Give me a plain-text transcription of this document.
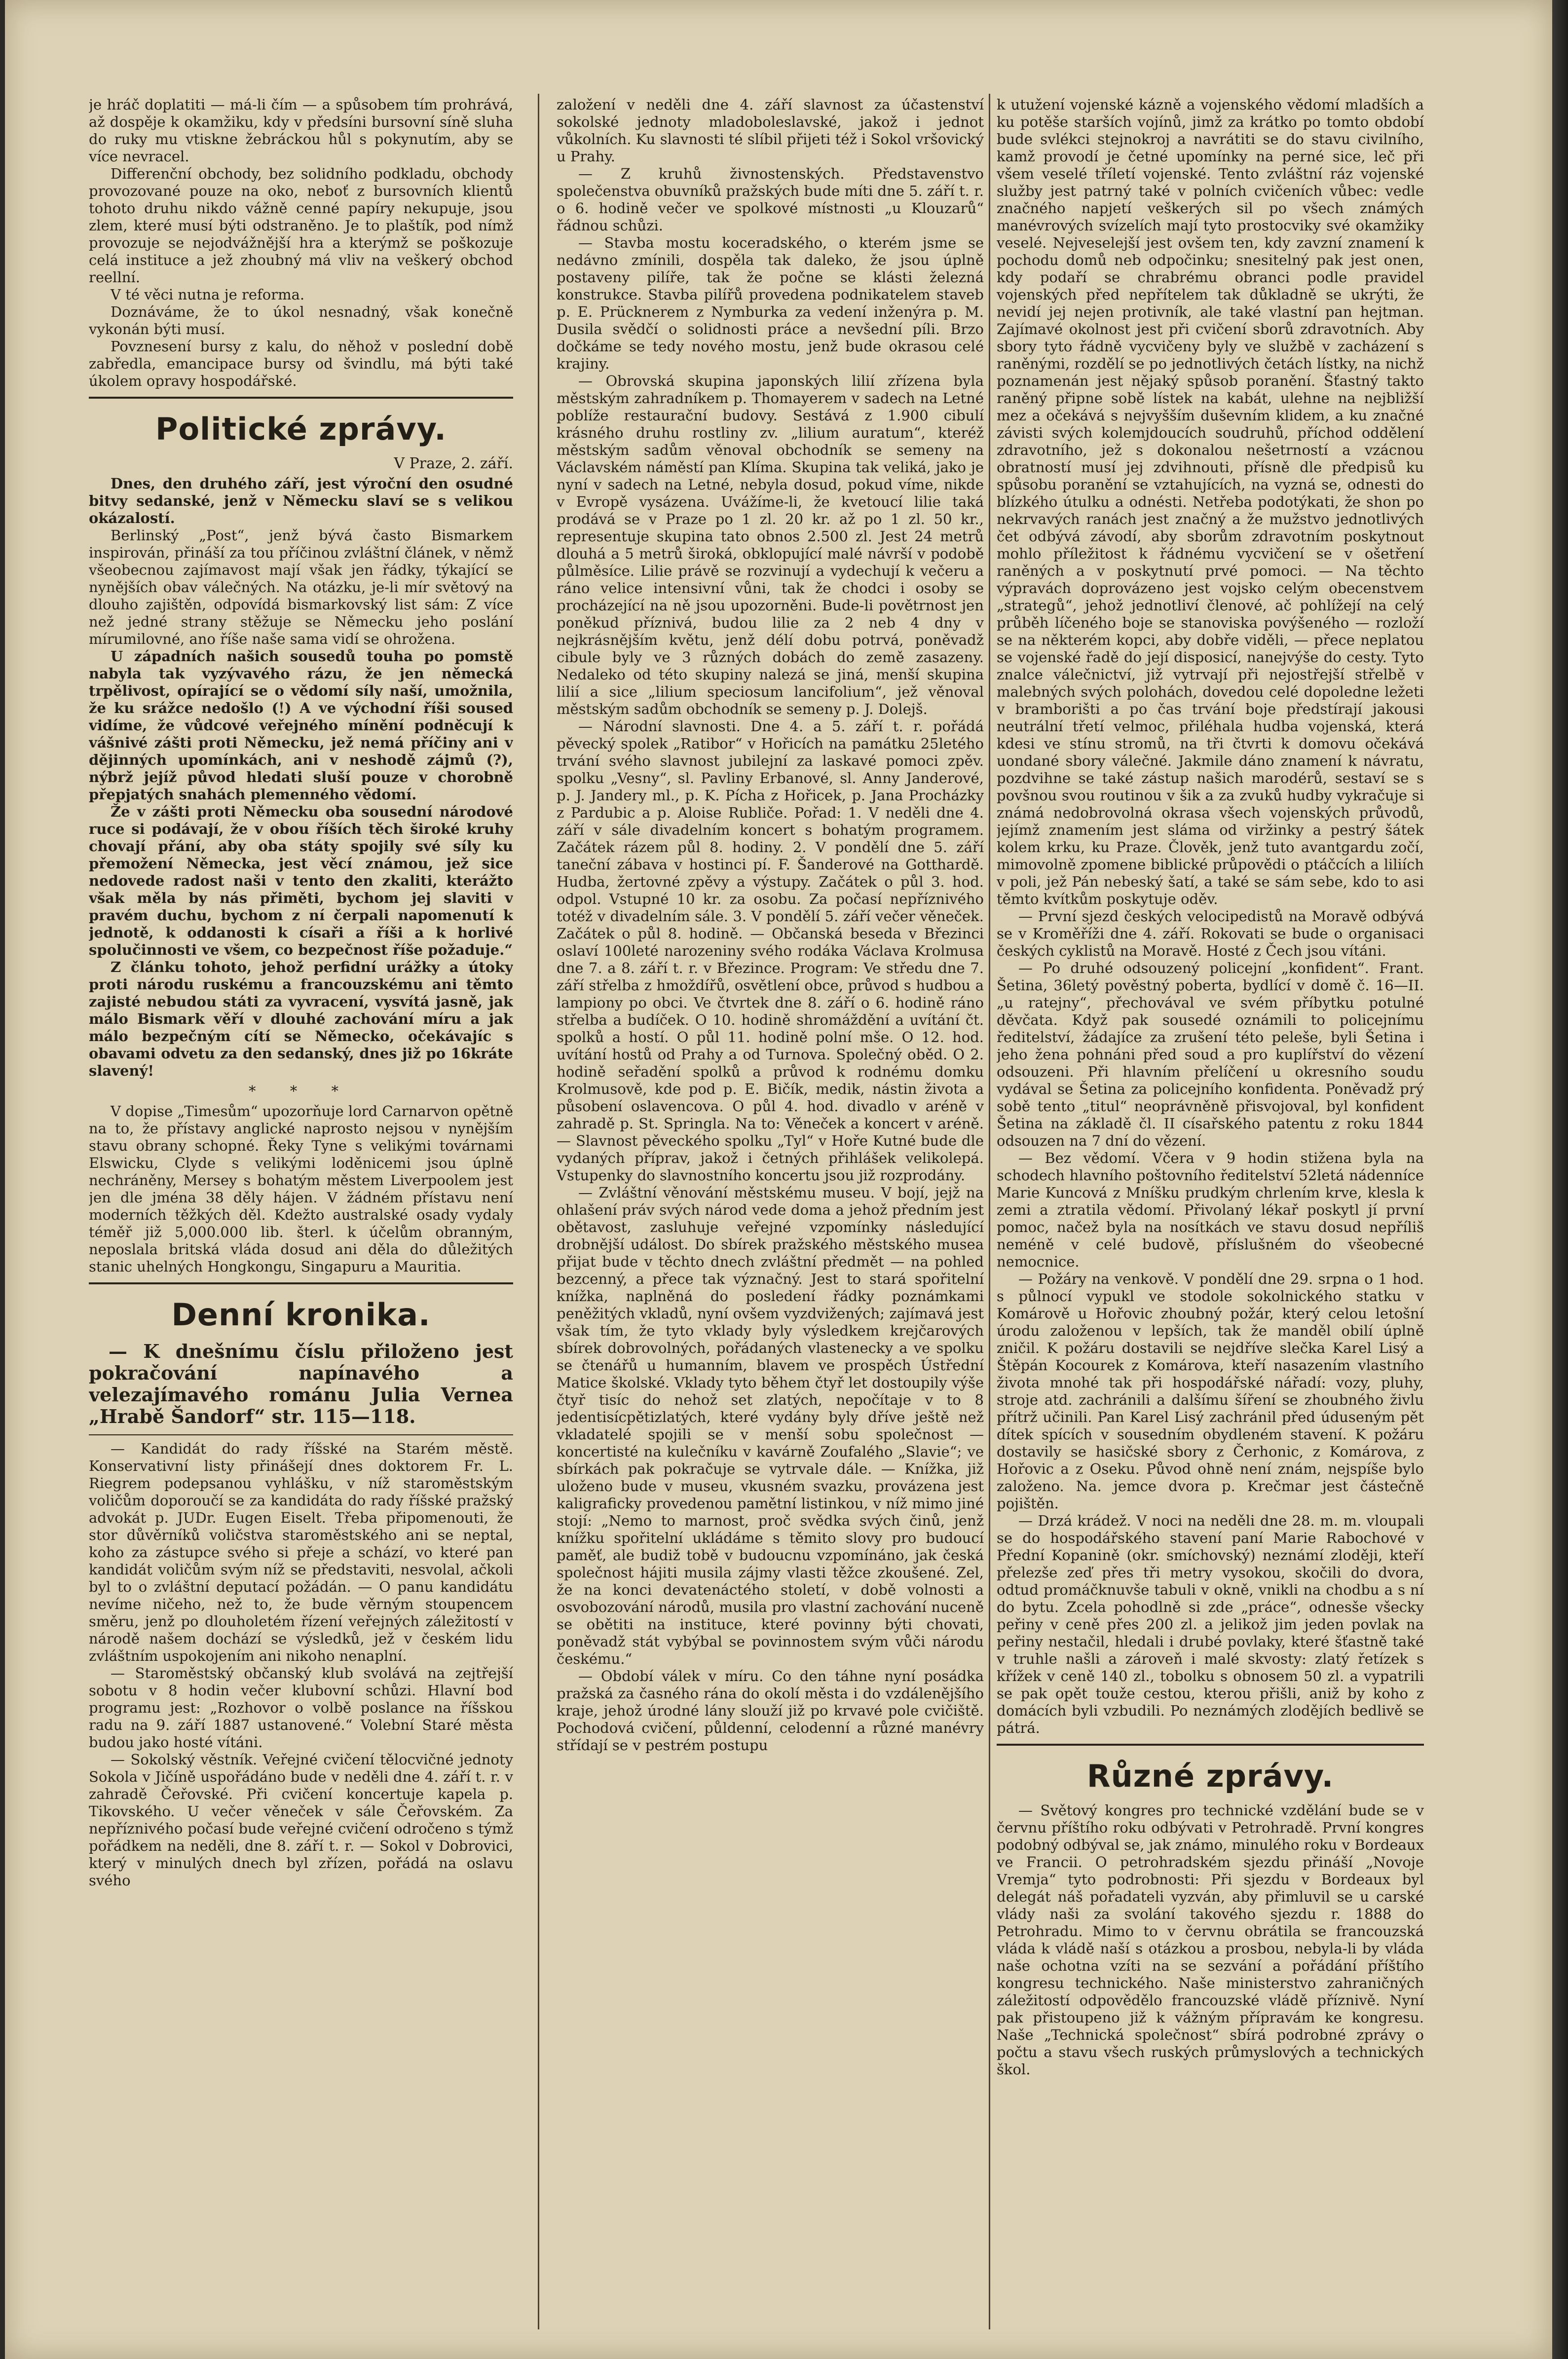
je hráč doplatiti — má-li čím — a spůsobem tím prohrává, až dospěje k okamžiku, kdy v předsíni bursovní síně sluha do ruky mu vtiskne žebráckou hůl s pokynutím, aby se více nevracel.

Differenční obchody, bez solidního podkladu, obchody provozované pouze na oko, neboť z bursovních klientů tohoto druhu nikdo vážně cenné papíry nekupuje, jsou zlem, které musí býti odstraněno. Je to plaštík, pod nímž provozuje se nejodvážnější hra a kterýmž se poškozuje celá instituce a jež zhoubný má vliv na veškerý obchod reellní.

V té věci nutna je reforma.

Doznáváme, že to úkol nesnadný, však konečně vykonán býti musí.

Povznesení bursy z kalu, do něhož v poslední době zabředla, emancipace bursy od švindlu, má býti také úkolem opravy hospodářské.

Politické zprávy.

V Praze, 2. září.

Dnes, den druhého září, jest výroční den osudné bitvy sedanské, jenž v Německu slaví se s velikou okázalostí.

Berlinský „Post“, jenž bývá často Bismarkem inspirován, přináší za tou příčinou zvláštní článek, v němž všeobecnou zajímavost mají však jen řádky, týkající se nynějších obav válečných. Na otázku, je-li mír světový na dlouho zajištěn, odpovídá bismarkovský list sám: Z více než jedné strany stěžuje se Německu jeho poslání mírumilovné, ano říše naše sama vidí se ohrožena.

U západních našich sousedů touha po pomstě nabyla tak vyzývavého rázu, že jen německá trpělivost, opírající se o vědomí síly naší, umožnila, že ku srážce nedošlo (!) A ve východní říši soused vidíme, že vůdcové veřejného mínění podněcují k vášnivé zášti proti Německu, jež nemá příčiny ani v dějinných upomínkách, ani v neshodě zájmů (?), nýbrž jejíž původ hledati sluší pouze v chorobně přepjatých snahách plemenného vědomí.

Že v zášti proti Německu oba sousední národové ruce si podávají, že v obou říších těch široké kruhy chovají přání, aby oba státy spojily své síly ku přemožení Německa, jest věcí známou, jež sice nedovede radost naši v tento den zkaliti, kterážto však měla by nás přiměti, bychom jej slaviti v pravém duchu, bychom z ní čerpali napomenutí k jednotě, k oddanosti k císaři a říši a k horlivé spolučinnosti ve všem, co bezpečnost říše požaduje.“

Z článku tohoto, jehož perfidní urážky a útoky proti národu ruskému a francouzskému ani těmto zajisté nebudou státi za vyvracení, vysvítá jasně, jak málo Bismark věří v dlouhé zachování míru a jak málo bezpečným cítí se Německo, očekávajíc s obavami odvetu za den sedanský, dnes již po 16kráte slavený!

* * *

V dopise „Timesům“ upozorňuje lord Carnarvon opětně na to, že přístavy anglické naprosto nejsou v nynějším stavu obrany schopné. Řeky Tyne s velikými továrnami Elswicku, Clyde s velikými loděnicemi jsou úplně nechráněny, Mersey s bohatým městem Liverpoolem jest jen dle jména 38 děly hájen. V žádném přístavu není moderních těžkých děl. Kdežto australské osady vydaly téměř již 5,000.000 lib. šterl. k účelům obranným, neposlala britská vláda dosud ani děla do důležitých stanic uhelných Hongkongu, Singapuru a Mauritia.

Denní kronika.

— K dnešnímu číslu přiloženo jest pokračování napínavého a velezajímavého románu Julia Vernea „Hrabě Šandorf“ str. 115—118.

— Kandidát do rady říšské na Starém městě. Konservativní listy přinášejí dnes doktorem Fr. L. Riegrem podepsanou vyhlášku, v níž staroměstským voličům doporoučí se za kandidáta do rady říšské pražský advokát p. JUDr. Eugen Eiselt. Třeba připomenouti, že stor důvěrníků voličstva staroměstského ani se neptal, koho za zástupce svého si přeje a schází, vo které pan kandidát voličům svým níž se představiti, nesvolal, ačkoli byl to o zvláštní deputací požádán. — O panu kandidátu nevíme ničeho, než to, že bude věrným stoupencem směru, jenž po dlouholetém řízení veřejných záležitostí v národě našem dochází se výsledků, jež v českém lidu zvláštním uspokojením ani nikoho nenaplní.

— Staroměstský občanský klub svolává na zejtřejší sobotu v 8 hodin večer klubovní schůzi. Hlavní bod programu jest: „Rozhovor o volbě poslance na říšskou radu na 9. září 1887 ustanovené.“ Volební Staré města budou jako hosté vítáni.

— Sokolský věstník. Veřejné cvičení tělocvičné jednoty Sokola v Jičíně uspořádáno bude v neděli dne 4. září t. r. v zahradě Čeřovské. Při cvičení koncertuje kapela p. Tikovského. U večer věneček v sále Čeřovském. Za nepříznivého počasí bude veřejné cvičení odročeno s týmž pořádkem na neděli, dne 8. září t. r. — Sokol v Dobrovici, který v minulých dnech byl zřízen, pořádá na oslavu svého

založení v neděli dne 4. září slavnost za účastenství sokolské jednoty mladoboleslavské, jakož i jednot vůkolních. Ku slavnosti té slíbil přijeti též i Sokol vršovický u Prahy.

— Z kruhů živnostenských. Představenstvo společenstva obuvníků pražských bude míti dne 5. září t. r. o 6. hodině večer ve spolkové místnosti „u Klouzarů“ řádnou schůzi.

— Stavba mostu koceradského, o kterém jsme se nedávno zmínili, dospěla tak daleko, že jsou úplně postaveny pilíře, tak že počne se klásti železná konstrukce. Stavba pilířů provedena podnikatelem staveb p. E. Prücknerem z Nymburka za vedení inženýra p. M. Dusila svědčí o solidnosti práce a nevšední píli. Brzo dočkáme se tedy nového mostu, jenž bude okrasou celé krajiny.

— Obrovská skupina japonských lilií zřízena byla městským zahradníkem p. Thomayerem v sadech na Letné poblíže restaurační budovy. Sestává z 1.900 cibulí krásného druhu rostliny zv. „lilium auratum“, kteréž městským sadům věnoval obchodník se semeny na Václavském náměstí pan Klíma. Skupina tak veliká, jako je nyní v sadech na Letné, nebyla dosud, pokud víme, nikde v Evropě vysázena. Uvážíme-li, že kvetoucí lilie taká prodává se v Praze po 1 zl. 20 kr. až po 1 zl. 50 kr., representuje skupina tato obnos 2.500 zl. Jest 24 metrů dlouhá a 5 metrů široká, obklopující malé návrší v podobě půlměsíce. Lilie právě se rozvinují a vydechují k večeru a ráno velice intensivní vůni, tak že chodci i osoby se procházející na ně jsou upozorněni. Bude-li povětrnost jen poněkud příznivá, budou lilie za 2 neb 4 dny v nejkrásnějším květu, jenž délí dobu potrvá, poněvadž cibule byly ve 3 různých dobách do země zasazeny. Nedaleko od této skupiny nalezá se jiná, menší skupina lilií a sice „lilium speciosum lancifolium“, jež věnoval městským sadům obchodník se semeny p. J. Dolejš.

— Národní slavnosti. Dne 4. a 5. září t. r. pořádá pěvecký spolek „Ratibor“ v Hořicích na památku 25letého trvání svého slavnost jubilejní za laskavé pomoci zpěv. spolku „Vesny“, sl. Pavliny Erbanové, sl. Anny Janderové, p. J. Jandery ml., p. K. Pícha z Hořicek, p. Jana Procházky z Pardubic a p. Aloise Rubliče. Pořad: 1. V neděli dne 4. září v sále divadelním koncert s bohatým programem. Začátek rázem půl 8. hodiny. 2. V pondělí dne 5. září taneční zábava v hostinci pí. F. Šanderové na Gotthardě. Hudba, žertovné zpěvy a výstupy. Začátek o půl 3. hod. odpol. Vstupné 10 kr. za osobu. Za počasí nepříznivého totéž v divadelním sále. 3. V pondělí 5. září večer věneček. Začátek o půl 8. hodině. — Občanská beseda v Březinci oslaví 100leté narozeniny svého rodáka Václava Krolmusa dne 7. a 8. září t. r. v Březince. Program: Ve středu dne 7. září střelba z hmoždířů, osvětlení obce, průvod s hudbou a lampiony po obci. Ve čtvrtek dne 8. září o 6. hodině ráno střelba a budíček. O 10. hodině shromáždění a uvítání čt. spolků a hostí. O půl 11. hodině polní mše. O 12. hod. uvítání hostů od Prahy a od Turnova. Společný oběd. O 2. hodině seřadění spolků a průvod k rodnému domku Krolmusově, kde pod p. E. Bičík, medik, nástin života a působení oslavencova. O půl 4. hod. divadlo v aréně v zahradě p. St. Springla. Na to: Věneček a koncert v aréně. — Slavnost pěveckého spolku „Tyl“ v Hoře Kutné bude dle vydaných příprav, jakož i četných přihlášek velikolepá. Vstupenky do slavnostního koncertu jsou již rozprodány.

— Zvláštní věnování městskému museu. V bojí, jejž na ohlašení práv svých národ vede doma a jehož předním jest obětavost, zasluhuje veřejné vzpomínky následující drobnější událost. Do sbírek pražského městského musea přijat bude v těchto dnech zvláštní předmět — na pohled bezcenný, a přece tak význačný. Jest to stará spořitelní knížka, naplněná do posledení řádky poznámkami peněžitých vkladů, nyní ovšem vyzdvižených; zajímavá jest však tím, že tyto vklady byly výsledkem krejčarových sbírek dobrovolných, pořádaných vlastenecky a ve spolku se čtenářů u humanním, blavem ve prospěch Ústřední Matice školské. Vklady tyto během čtyř let dostoupily výše čtyř tisíc do nehož set zlatých, nepočítaje v to 8 jedentisícpětizlatých, které vydány byly dříve ještě než vkladatelé spojili se v menší sobu společnost — koncertisté na kulečníku v kavárně Zoufalého „Slavie“; ve sbírkách pak pokračuje se vytrvale dále. — Knížka, již uloženo bude v museu, vkusném svazku, provázena jest kaligraficky provedenou pamětní listinkou, v níž mimo jiné stojí: „Nemo to marnost, proč svědka svých činů, jenž knížku spořitelní ukládáme s těmito slovy pro budoucí paměť, ale budiž tobě v budoucnu vzpomínáno, jak česká společnost hájiti musila zájmy vlasti těžce zkoušené. Zel, že na konci devatenáctého století, v době volnosti a osvobozování národů, musila pro vlastní zachování nuceně se obětiti na instituce, které povinny býti chovati, poněvadž stát vybýbal se povinnostem svým vůči národu českému.“

— Období válek v míru. Co den táhne nyní posádka pražská za časného rána do okolí města i do vzdálenějšího kraje, jehož úrodné lány slouží již po krvavé pole cvičiště. Pochodová cvičení, půldenní, celodenní a různé manévry střídají se v pestrém postupu

k utužení vojenské kázně a vojenského vědomí mladších a ku potěše starších vojínů, jimž za krátko po tomto období bude svlékci stejnokroj a navrátiti se do stavu civilního, kamž provodí je četné upomínky na perné sice, leč při všem veselé tříletí vojenské. Tento zvláštní ráz vojenské služby jest patrný také v polních cvičeních vůbec: vedle značného napjetí veškerých sil po všech známých manévrových svízelích mají tyto prostocviky své okamžiky veselé. Nejveselejší jest ovšem ten, kdy zavzní znamení k pochodu domů neb odpočinku; snesitelný pak jest onen, kdy podaří se chrabrému obranci podle pravidel vojenských před nepřítelem tak důkladně se ukrýti, že nevidí jej nejen protivník, ale také vlastní pan hejtman. Zajímavé okolnost jest při cvičení sborů zdravotních. Aby sbory tyto řádně vycvičeny byly ve službě v zacházení s raněnými, rozdělí se po jednotlivých četách lístky, na nichž poznamenán jest nějaký spůsob poranění. Šťastný takto raněný připne sobě lístek na kabát, ulehne na nejbližší mez a očekává s nejvyšším duševním klidem, a ku značné závisti svých kolemjdoucích soudruhů, příchod oddělení zdravotního, jež s dokonalou nešetrností a vzácnou obratností musí jej zdvihnouti, přísně dle předpisů ku spůsobu poranění se vztahujících, na vyzná se, odnesti do blízkého útulku a odnésti. Netřeba podotýkati, že shon po nekrvavých ranách jest značný a že mužstvo jednotlivých čet odbývá závodí, aby sborům zdravotním poskytnout mohlo příležitost k řádnému vycvičení se v ošetření raněných a v poskytnutí prvé pomoci. — Na těchto výpravách doprovázeno jest vojsko celým obecenstvem „strategů“, jehož jednotliví členové, ač pohlížejí na celý průběh líčeného boje se stanoviska povýšeného — rozloží se na některém kopci, aby dobře viděli, — přece neplatou se vojenské řadě do její disposicí, nanejvýše do cesty. Tyto znalce válečnictví, již vytrvají při nejostřejší střelbě v malebných svých polohách, dovedou celé dopoledne ležeti v bramborišti a po čas trvání boje předstírají jakousi neutrální třetí velmoc, přiléhala hudba vojenská, která kdesi ve stínu stromů, na tři čtvrti k domovu očekává uondané sbory válečné. Jakmile dáno znamení k návratu, pozdvihne se také zástup našich marodérů, sestaví se s povšnou svou routinou v šik a za zvuků hudby vykračuje si známá nedobrovolná okrasa všech vojenských průvodů, jejímž znamením jest sláma od viržinky a pestrý šátek kolem krku, ku Praze. Člověk, jenž tuto avantgardu zočí, mimovolně zpomene biblické průpovědi o ptáčcích a liliích v poli, jež Pán nebeský šatí, a také se sám sebe, kdo to asi těmto kvítkům poskytuje oděv.

— První sjezd českých velocipedistů na Moravě odbývá se v Kroměříži dne 4. září. Rokovati se bude o organisaci českých cyklistů na Moravě. Hosté z Čech jsou vítáni.

— Po druhé odsouzený policejní „konfident“. Frant. Šetina, 36letý pověstný poberta, bydlící v domě č. 16—II. „u ratejny“, přechovával ve svém příbytku potulné děvčata. Když pak sousedé oznámili to policejnímu ředitelství, žádajíce za zrušení této peleše, byli Šetina i jeho žena pohnáni před soud a pro kuplířství do vězení odsouzeni. Při hlavním přelíčení u okresního soudu vydával se Šetina za policejního konfidenta. Poněvadž prý sobě tento „titul“ neoprávněně přisvojoval, byl konfident Šetina na základě čl. II císařského patentu z roku 1844 odsouzen na 7 dní do vězení.

— Bez vědomí. Včera v 9 hodin stižena byla na schodech hlavního poštovního ředitelství 52letá nádenníce Marie Kuncová z Mníšku prudkým chrlením krve, klesla k zemi a ztratila vědomí. Přivolaný lékař poskytl jí první pomoc, načež byla na nosítkách ve stavu dosud nepříliš neméně v celé budově, příslušném do všeobecné nemocnice.

— Požáry na venkově. V pondělí dne 29. srpna o 1 hod. s půlnocí vypukl ve stodole sokolnického statku v Komárově u Hořovic zhoubný požár, který celou letošní úrodu založenou v lepších, tak že manděl obilí úplně zničil. K požáru dostavili se nejdříve slečka Karel Lisý a Štěpán Kocourek z Komárova, kteří nasazením vlastního života mnohé tak při hospodářské nářadí: vozy, pluhy, stroje atd. zachránili a dalšímu šíření se zhoubného živlu přítrž učinili. Pan Karel Lisý zachránil před úduseným pět dítek spících v sousedním obydleném stavení. K požáru dostavily se hasičské sbory z Čerhonic, z Komárova, z Hořovic a z Oseku. Původ ohně není znám, nejspíše bylo založeno. Na. jemce dvora p. Krečmar jest částečně pojištěn.

— Drzá krádež. V noci na neděli dne 28. m. m. vloupali se do hospodářského stavení paní Marie Rabochové v Přední Kopanině (okr. smíchovský) neznámí zloději, kteří přelezše zeď přes tři metry vysokou, skočili do dvora, odtud promáčknuvše tabuli v okně, vnikli na chodbu a s ní do bytu. Zcela pohodlně si zde „práce“, odnesše všecky peřiny v ceně přes 200 zl. a jelikož jim jeden povlak na peřiny nestačil, hledali i drubé povlaky, které šťastně také v truhle našli a zároveň i malé skvosty: zlatý řetízek s křížek v ceně 140 zl., tobolku s obnosem 50 zl. a vypatrili se pak opět touže cestou, kterou přišli, aniž by koho z domácích byli vzbudili. Po neznámých zlodějích bedlivě se pátrá.

Různé zprávy.

— Světový kongres pro technické vzdělání bude se v červnu příštího roku odbývati v Petrohradě. První kongres podobný odbýval se, jak známo, minulého roku v Bordeaux ve Francii. O petrohradském sjezdu přináší „Novoje Vremja“ tyto podrobnosti: Při sjezdu v Bordeaux byl delegát náš pořadateli vyzván, aby přimluvil se u carské vlády naši za svolání takového sjezdu r. 1888 do Petrohradu. Mimo to v červnu obrátila se francouzská vláda k vládě naší s otázkou a prosbou, nebyla-li by vláda naše ochotna vzíti na se sezvání a pořádání příštího kongresu technického. Naše ministerstvo zahraničných záležitostí odpovědělo francouzské vládě příznivě. Nyní pak přistoupeno již k vážným přípravám ke kongresu. Naše „Technická společnost“ sbírá podrobné zprávy o počtu a stavu všech ruských průmyslových a technických škol.
